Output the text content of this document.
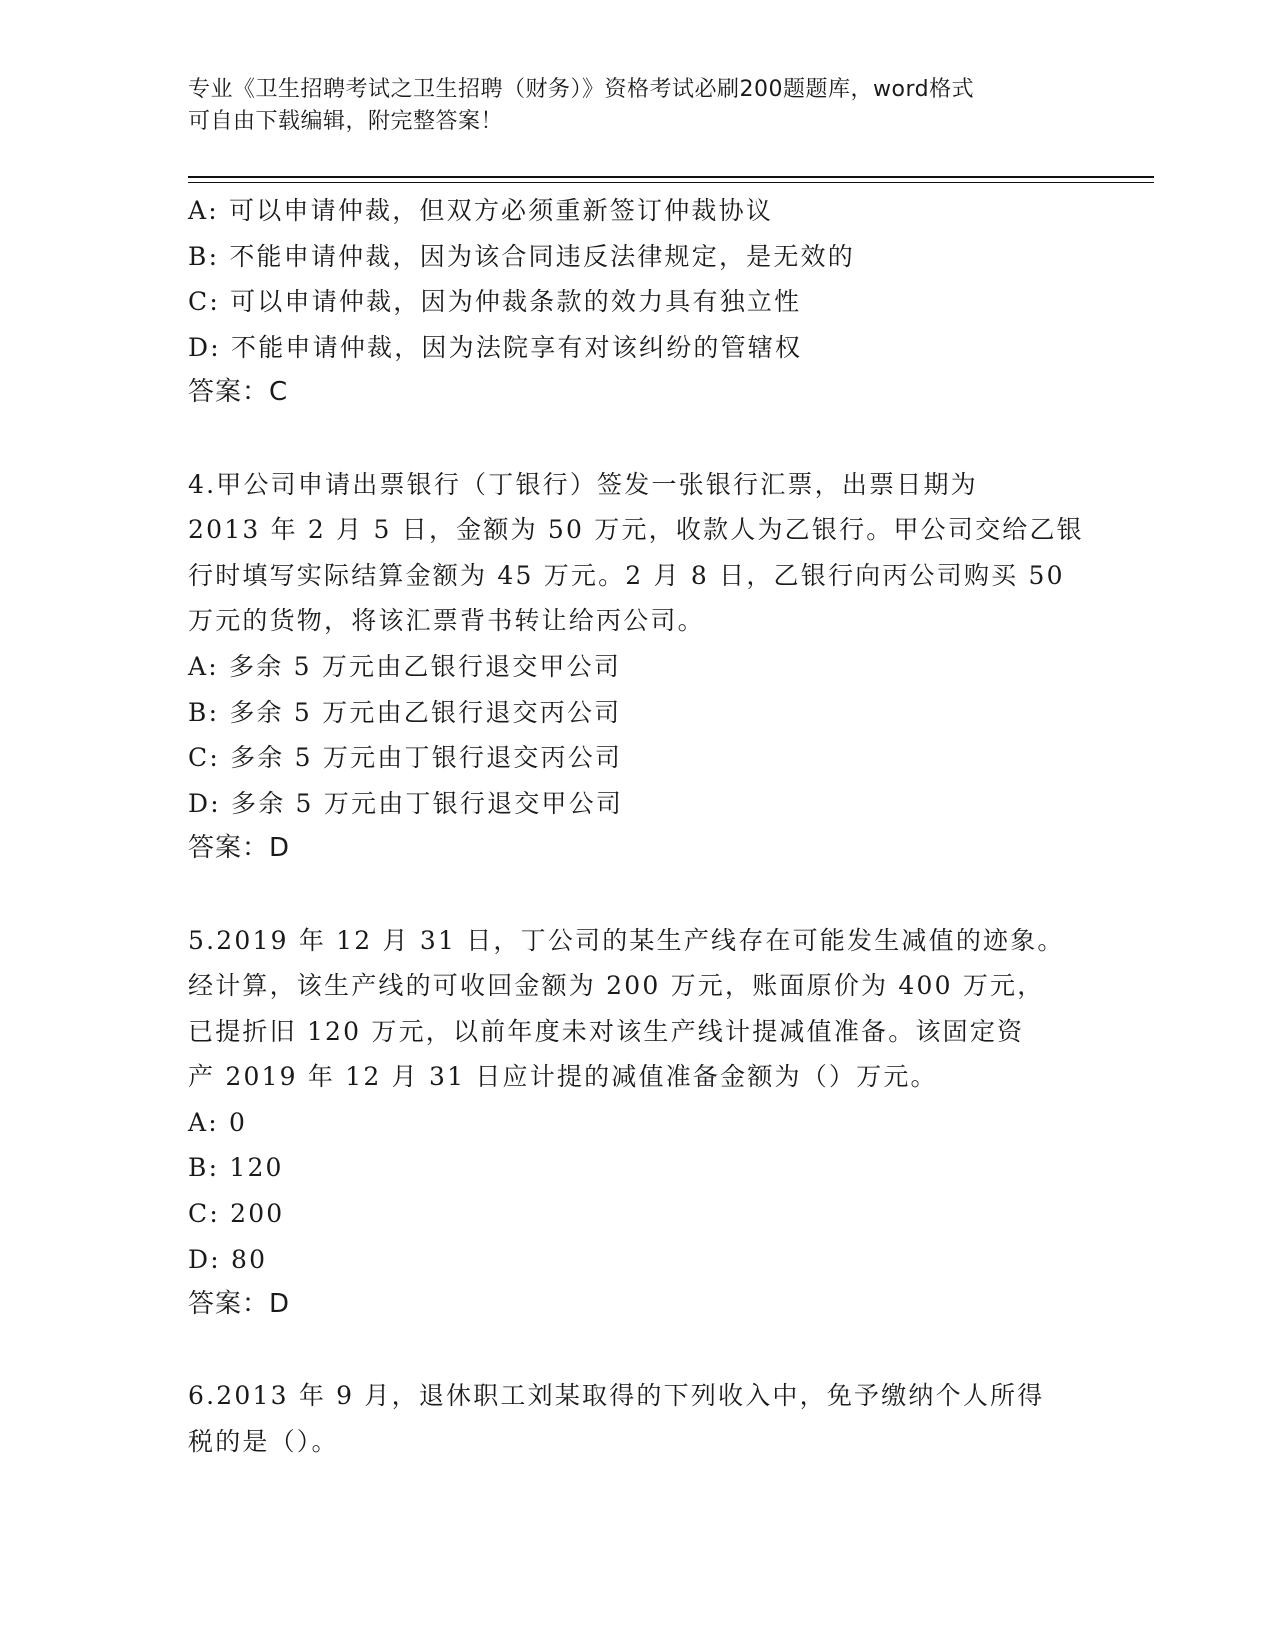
专业《卫生招聘考试之卫生招聘（财务）》资格考试必刷200题题库，word格式
可自由下载编辑，附完整答案！
A: 可以申请仲裁，但双方必须重新签订仲裁协议
B: 不能申请仲裁，因为该合同违反法律规定，是无效的
C: 可以申请仲裁，因为仲裁条款的效力具有独立性
D: 不能申请仲裁，因为法院享有对该纠纷的管辖权
答案：C
4.甲公司申请出票银行（丁银行）签发一张银行汇票，出票日期为
2013 年 2 月 5 日，金额为 50 万元，收款人为乙银行。甲公司交给乙银
行时填写实际结算金额为 45 万元。2 月 8 日，乙银行向丙公司购买 50
万元的货物，将该汇票背书转让给丙公司。
A: 多余 5 万元由乙银行退交甲公司
B: 多余 5 万元由乙银行退交丙公司
C: 多余 5 万元由丁银行退交丙公司
D: 多余 5 万元由丁银行退交甲公司
答案：D
5.2019 年 12 月 31 日，丁公司的某生产线存在可能发生减值的迹象。
经计算，该生产线的可收回金额为 200 万元，账面原价为 400 万元，
已提折旧 120 万元，以前年度未对该生产线计提减值准备。该固定资
产 2019 年 12 月 31 日应计提的减值准备金额为（）万元。
A: 0
B: 120
C: 200
D: 80
答案：D
6.2013 年 9 月，退休职工刘某取得的下列收入中，免予缴纳个人所得
税的是（）。
